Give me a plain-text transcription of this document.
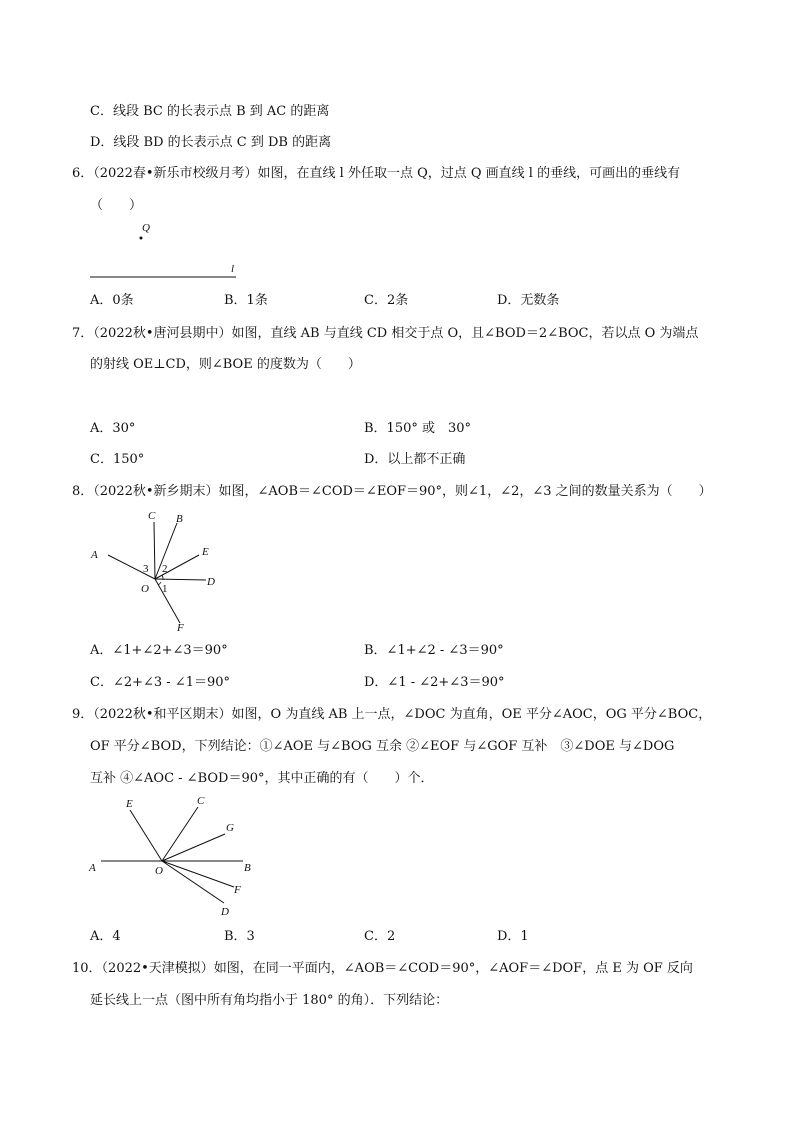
C．线段 BC 的长表示点 B 到 AC 的距离
D．线段 BD 的长表示点 C 到 DB 的距离
6．（2022春•新乐市校级月考）如图，在直线 l 外任取一点 Q，过点 Q 画直线 l 的垂线，可画出的垂线有
（　　）
Q
l
A．0条	B．1条	C．2条	D．无数条
7．（2022秋•唐河县期中）如图，直线 AB 与直线 CD 相交于点 O，且∠BOD＝2∠BOC，若以点 O 为端点
的射线 OE⊥CD，则∠BOE 的度数为（　　）
A．30°	B．150° 或　30°
C．150°	D．以上都不正确
8．（2022秋•新乡期末）如图，∠AOB＝∠COD＝∠EOF＝90°，则∠1，∠2，∠3 之间的数量关系为（　　）
A
C B
E
D
F
O
3 2
1
A．∠1+∠2+∠3＝90°	B．∠1+∠2 - ∠3＝90°
C．∠2+∠3 - ∠1＝90°	D．∠1 - ∠2+∠3＝90°
9．（2022秋•和平区期末）如图，O 为直线 AB 上一点，∠DOC 为直角，OE 平分∠AOC，OG 平分∠BOC，
OF 平分∠BOD，下列结论：①∠AOE 与∠BOG 互余 ②∠EOF 与∠GOF 互补　③∠DOE 与∠DOG
互补 ④∠AOC - ∠BOD＝90°，其中正确的有（　　）个．
A
E	C
G
B
F
D
O
A．4	B．3	C．2	D．1
10．（2022•天津模拟）如图，在同一平面内，∠AOB＝∠COD＝90°，∠AOF＝∠DOF，点 E 为 OF 反向
延长线上一点（图中所有角均指小于 180° 的角）．下列结论：
